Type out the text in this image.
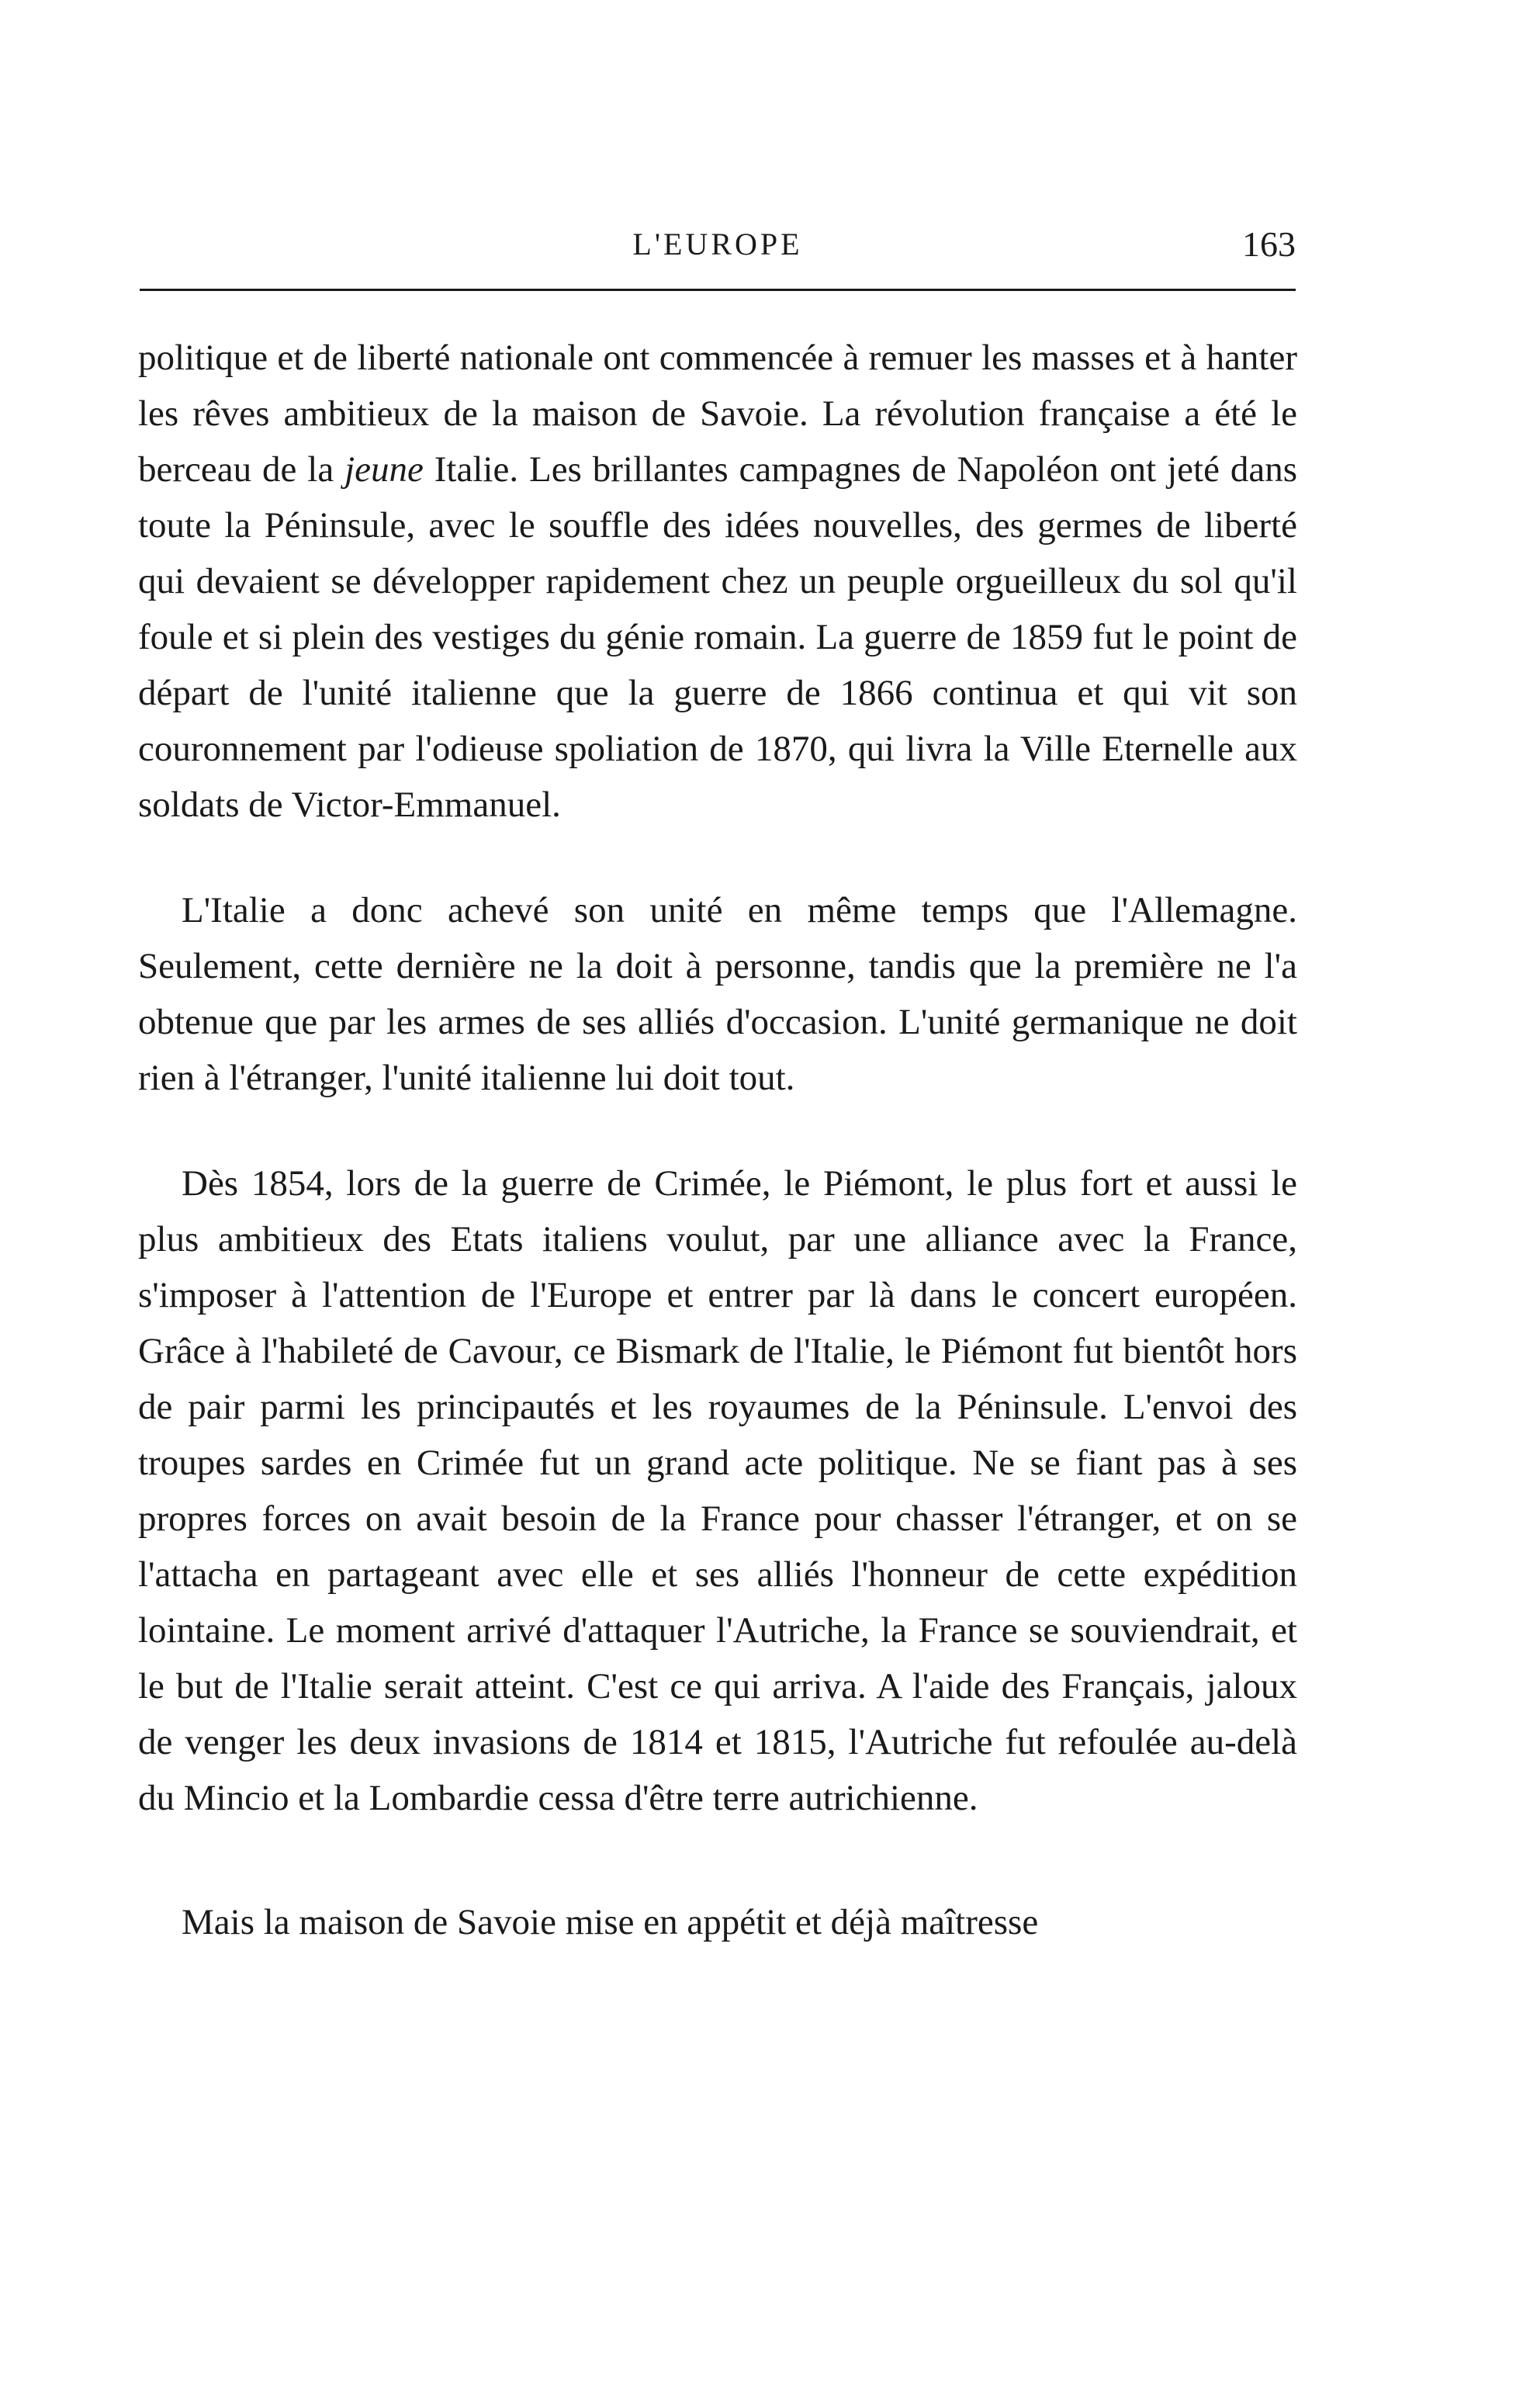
L'EUROPE	163

politique et de liberté nationale ont commencée à remuer les masses et à hanter les rêves ambitieux de la maison de Savoie. La révolution française a été le berceau de la jeune Italie. Les brillantes campagnes de Napoléon ont jeté dans toute la Péninsule, avec le souffle des idées nouvelles, des germes de liberté qui devaient se développer rapidement chez un peuple orgueilleux du sol qu'il foule et si plein des vestiges du génie romain. La guerre de 1859 fut le point de départ de l'unité italienne que la guerre de 1866 continua et qui vit son couronnement par l'odieuse spoliation de 1870, qui livra la Ville Eternelle aux soldats de Victor-Emmanuel.

L'Italie a donc achevé son unité en même temps que l'Allemagne. Seulement, cette dernière ne la doit à personne, tandis que la première ne l'a obtenue que par les armes de ses alliés d'occasion. L'unité germanique ne doit rien à l'étranger, l'unité italienne lui doit tout.

Dès 1854, lors de la guerre de Crimée, le Piémont, le plus fort et aussi le plus ambitieux des Etats italiens voulut, par une alliance avec la France, s'imposer à l'attention de l'Europe et entrer par là dans le concert européen. Grâce à l'habileté de Cavour, ce Bismark de l'Italie, le Piémont fut bientôt hors de pair parmi les principautés et les royaumes de la Péninsule. L'envoi des troupes sardes en Crimée fut un grand acte politique. Ne se fiant pas à ses propres forces on avait besoin de la France pour chasser l'étranger, et on se l'attacha en partageant avec elle et ses alliés l'honneur de cette expédition lointaine. Le moment arrivé d'attaquer l'Autriche, la France se souviendrait, et le but de l'Italie serait atteint. C'est ce qui arriva. A l'aide des Français, jaloux de venger les deux invasions de 1814 et 1815, l'Autriche fut refoulée au-delà du Mincio et la Lombardie cessa d'être terre autrichienne.

Mais la maison de Savoie mise en appétit et déjà maîtresse
